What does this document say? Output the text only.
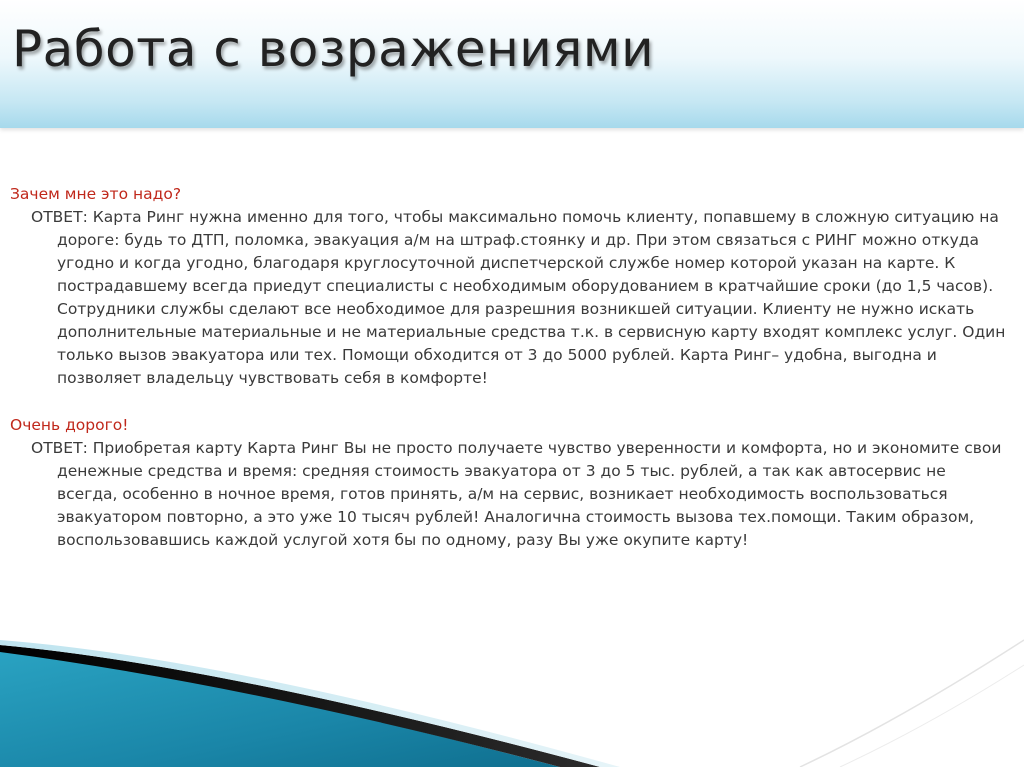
Работа с возражениями

Зачем мне это надо?

ОТВЕТ: Карта Ринг нужна именно для того, чтобы максимально помочь клиенту, попавшему в сложную ситуацию на дороге: будь то ДТП, поломка, эвакуация а/м на штраф.стоянку и др. При этом связаться с РИНГ можно откуда угодно и когда угодно, благодаря круглосуточной диспетчерской службе номер которой указан на карте. К пострадавшему всегда приедут специалисты с необходимым оборудованием в кратчайшие сроки (до 1,5 часов). Сотрудники службы сделают все необходимое для разрешния возникшей ситуации. Клиенту не нужно искать дополнительные материальные и не материальные средства т.к. в сервисную карту входят комплекс услуг. Один только вызов эвакуатора или тех. Помощи обходится от 3 до 5000 рублей. Карта Ринг– удобна, выгодна и позволяет владельцу чувствовать себя в комфорте!

Очень дорого!

ОТВЕТ: Приобретая карту Карта Ринг Вы не просто получаете чувство уверенности и комфорта, но и экономите свои денежные средства и время: средняя стоимость эвакуатора от 3 до 5 тыс. рублей, а так как автосервис не всегда, особенно в ночное время, готов принять, а/м на сервис, возникает необходимость воспользоваться эвакуатором повторно, а это уже 10 тысяч рублей! Аналогична стоимость вызова тех.помощи. Таким образом, воспользовавшись каждой услугой хотя бы по одному, разу Вы уже окупите карту!
